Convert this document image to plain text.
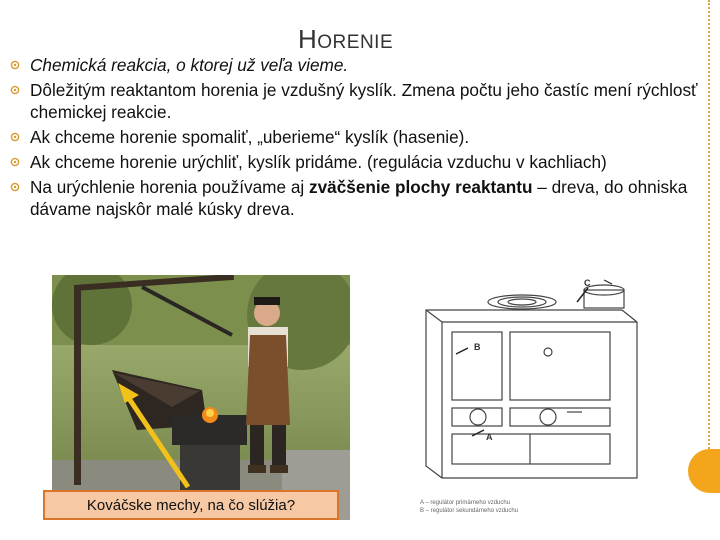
HORENIE
Chemická reakcia, o ktorej už veľa vieme.
Dôležitým reaktantom horenia je vzdušný kyslík. Zmena počtu jeho častíc mení rýchlosť chemickej reakcie.
Ak chceme horenie spomaliť, „uberieme“ kyslík (hasenie).
Ak chceme horenie urýchliť, kyslík pridáme. (regulácia vzduchu v kachliach)
Na urýchlenie horenia používame aj zväčšenie plochy reaktantu – dreva, do ohniska dávame najskôr malé kúsky dreva.
Kováčske mechy, na čo slúžia?
C
B
A
A – regulátor primárneho vzduchu
B – regulátor sekundárneho vzduchu
